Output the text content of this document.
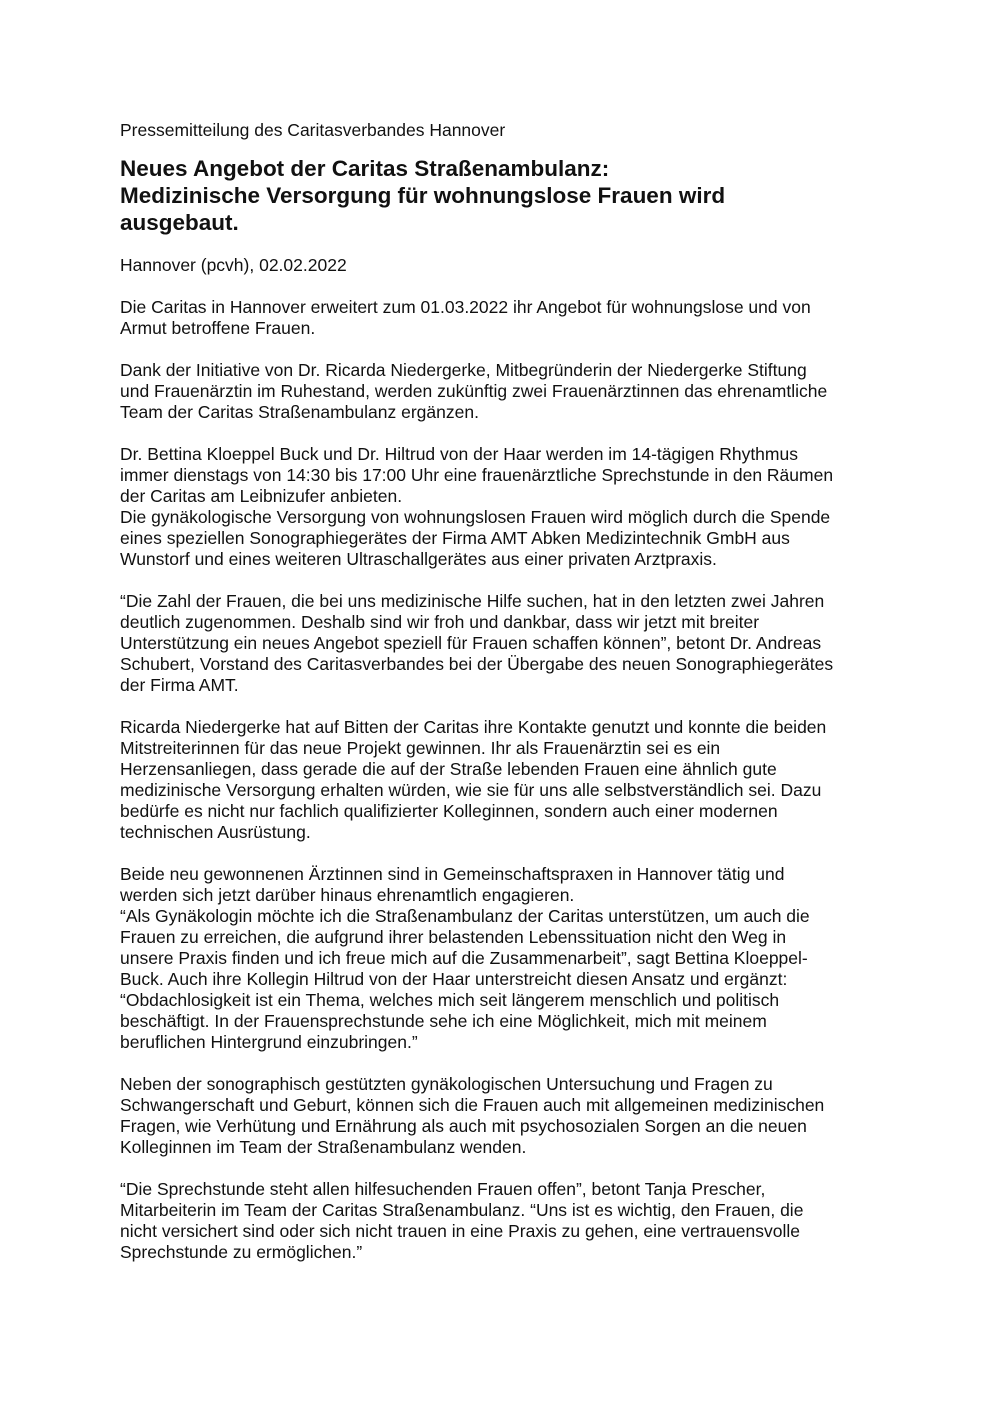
Pressemitteilung des Caritasverbandes Hannover

Neues Angebot der Caritas Straßenambulanz:
Medizinische Versorgung für wohnungslose Frauen wird
ausgebaut.

Hannover (pcvh), 02.02.2022

Die Caritas in Hannover erweitert zum 01.03.2022 ihr Angebot für wohnungslose und von
Armut betroffene Frauen.

Dank der Initiative von Dr. Ricarda Niedergerke, Mitbegründerin der Niedergerke Stiftung
und Frauenärztin im Ruhestand, werden zukünftig zwei Frauenärztinnen das ehrenamtliche
Team der Caritas Straßenambulanz ergänzen.

Dr. Bettina Kloeppel Buck und Dr. Hiltrud von der Haar werden im 14-tägigen Rhythmus
immer dienstags von 14:30 bis 17:00 Uhr eine frauenärztliche Sprechstunde in den Räumen
der Caritas am Leibnizufer anbieten.
Die gynäkologische Versorgung von wohnungslosen Frauen wird möglich durch die Spende
eines speziellen Sonographiegerätes der Firma AMT Abken Medizintechnik GmbH aus
Wunstorf und eines weiteren Ultraschallgerätes aus einer privaten Arztpraxis.

“Die Zahl der Frauen, die bei uns medizinische Hilfe suchen, hat in den letzten zwei Jahren
deutlich zugenommen. Deshalb sind wir froh und dankbar, dass wir jetzt mit breiter
Unterstützung ein neues Angebot speziell für Frauen schaffen können”, betont Dr. Andreas
Schubert, Vorstand des Caritasverbandes bei der Übergabe des neuen Sonographiegerätes
der Firma AMT.

Ricarda Niedergerke hat auf Bitten der Caritas ihre Kontakte genutzt und konnte die beiden
Mitstreiterinnen für das neue Projekt gewinnen. Ihr als Frauenärztin sei es ein
Herzensanliegen, dass gerade die auf der Straße lebenden Frauen eine ähnlich gute
medizinische Versorgung erhalten würden, wie sie für uns alle selbstverständlich sei. Dazu
bedürfe es nicht nur fachlich qualifizierter Kolleginnen, sondern auch einer modernen
technischen Ausrüstung.

Beide neu gewonnenen Ärztinnen sind in Gemeinschaftspraxen in Hannover tätig und
werden sich jetzt darüber hinaus ehrenamtlich engagieren.
“Als Gynäkologin möchte ich die Straßenambulanz der Caritas unterstützen, um auch die
Frauen zu erreichen, die aufgrund ihrer belastenden Lebenssituation nicht den Weg in
unsere Praxis finden und ich freue mich auf die Zusammenarbeit”, sagt Bettina Kloeppel-
Buck. Auch ihre Kollegin Hiltrud von der Haar unterstreicht diesen Ansatz und ergänzt:
“Obdachlosigkeit ist ein Thema, welches mich seit längerem menschlich und politisch
beschäftigt. In der Frauensprechstunde sehe ich eine Möglichkeit, mich mit meinem
beruflichen Hintergrund einzubringen.”

Neben der sonographisch gestützten gynäkologischen Untersuchung und Fragen zu
Schwangerschaft und Geburt, können sich die Frauen auch mit allgemeinen medizinischen
Fragen, wie Verhütung und Ernährung als auch mit psychosozialen Sorgen an die neuen
Kolleginnen im Team der Straßenambulanz wenden.

“Die Sprechstunde steht allen hilfesuchenden Frauen offen”, betont Tanja Prescher,
Mitarbeiterin im Team der Caritas Straßenambulanz. “Uns ist es wichtig, den Frauen, die
nicht versichert sind oder sich nicht trauen in eine Praxis zu gehen, eine vertrauensvolle
Sprechstunde zu ermöglichen.”
